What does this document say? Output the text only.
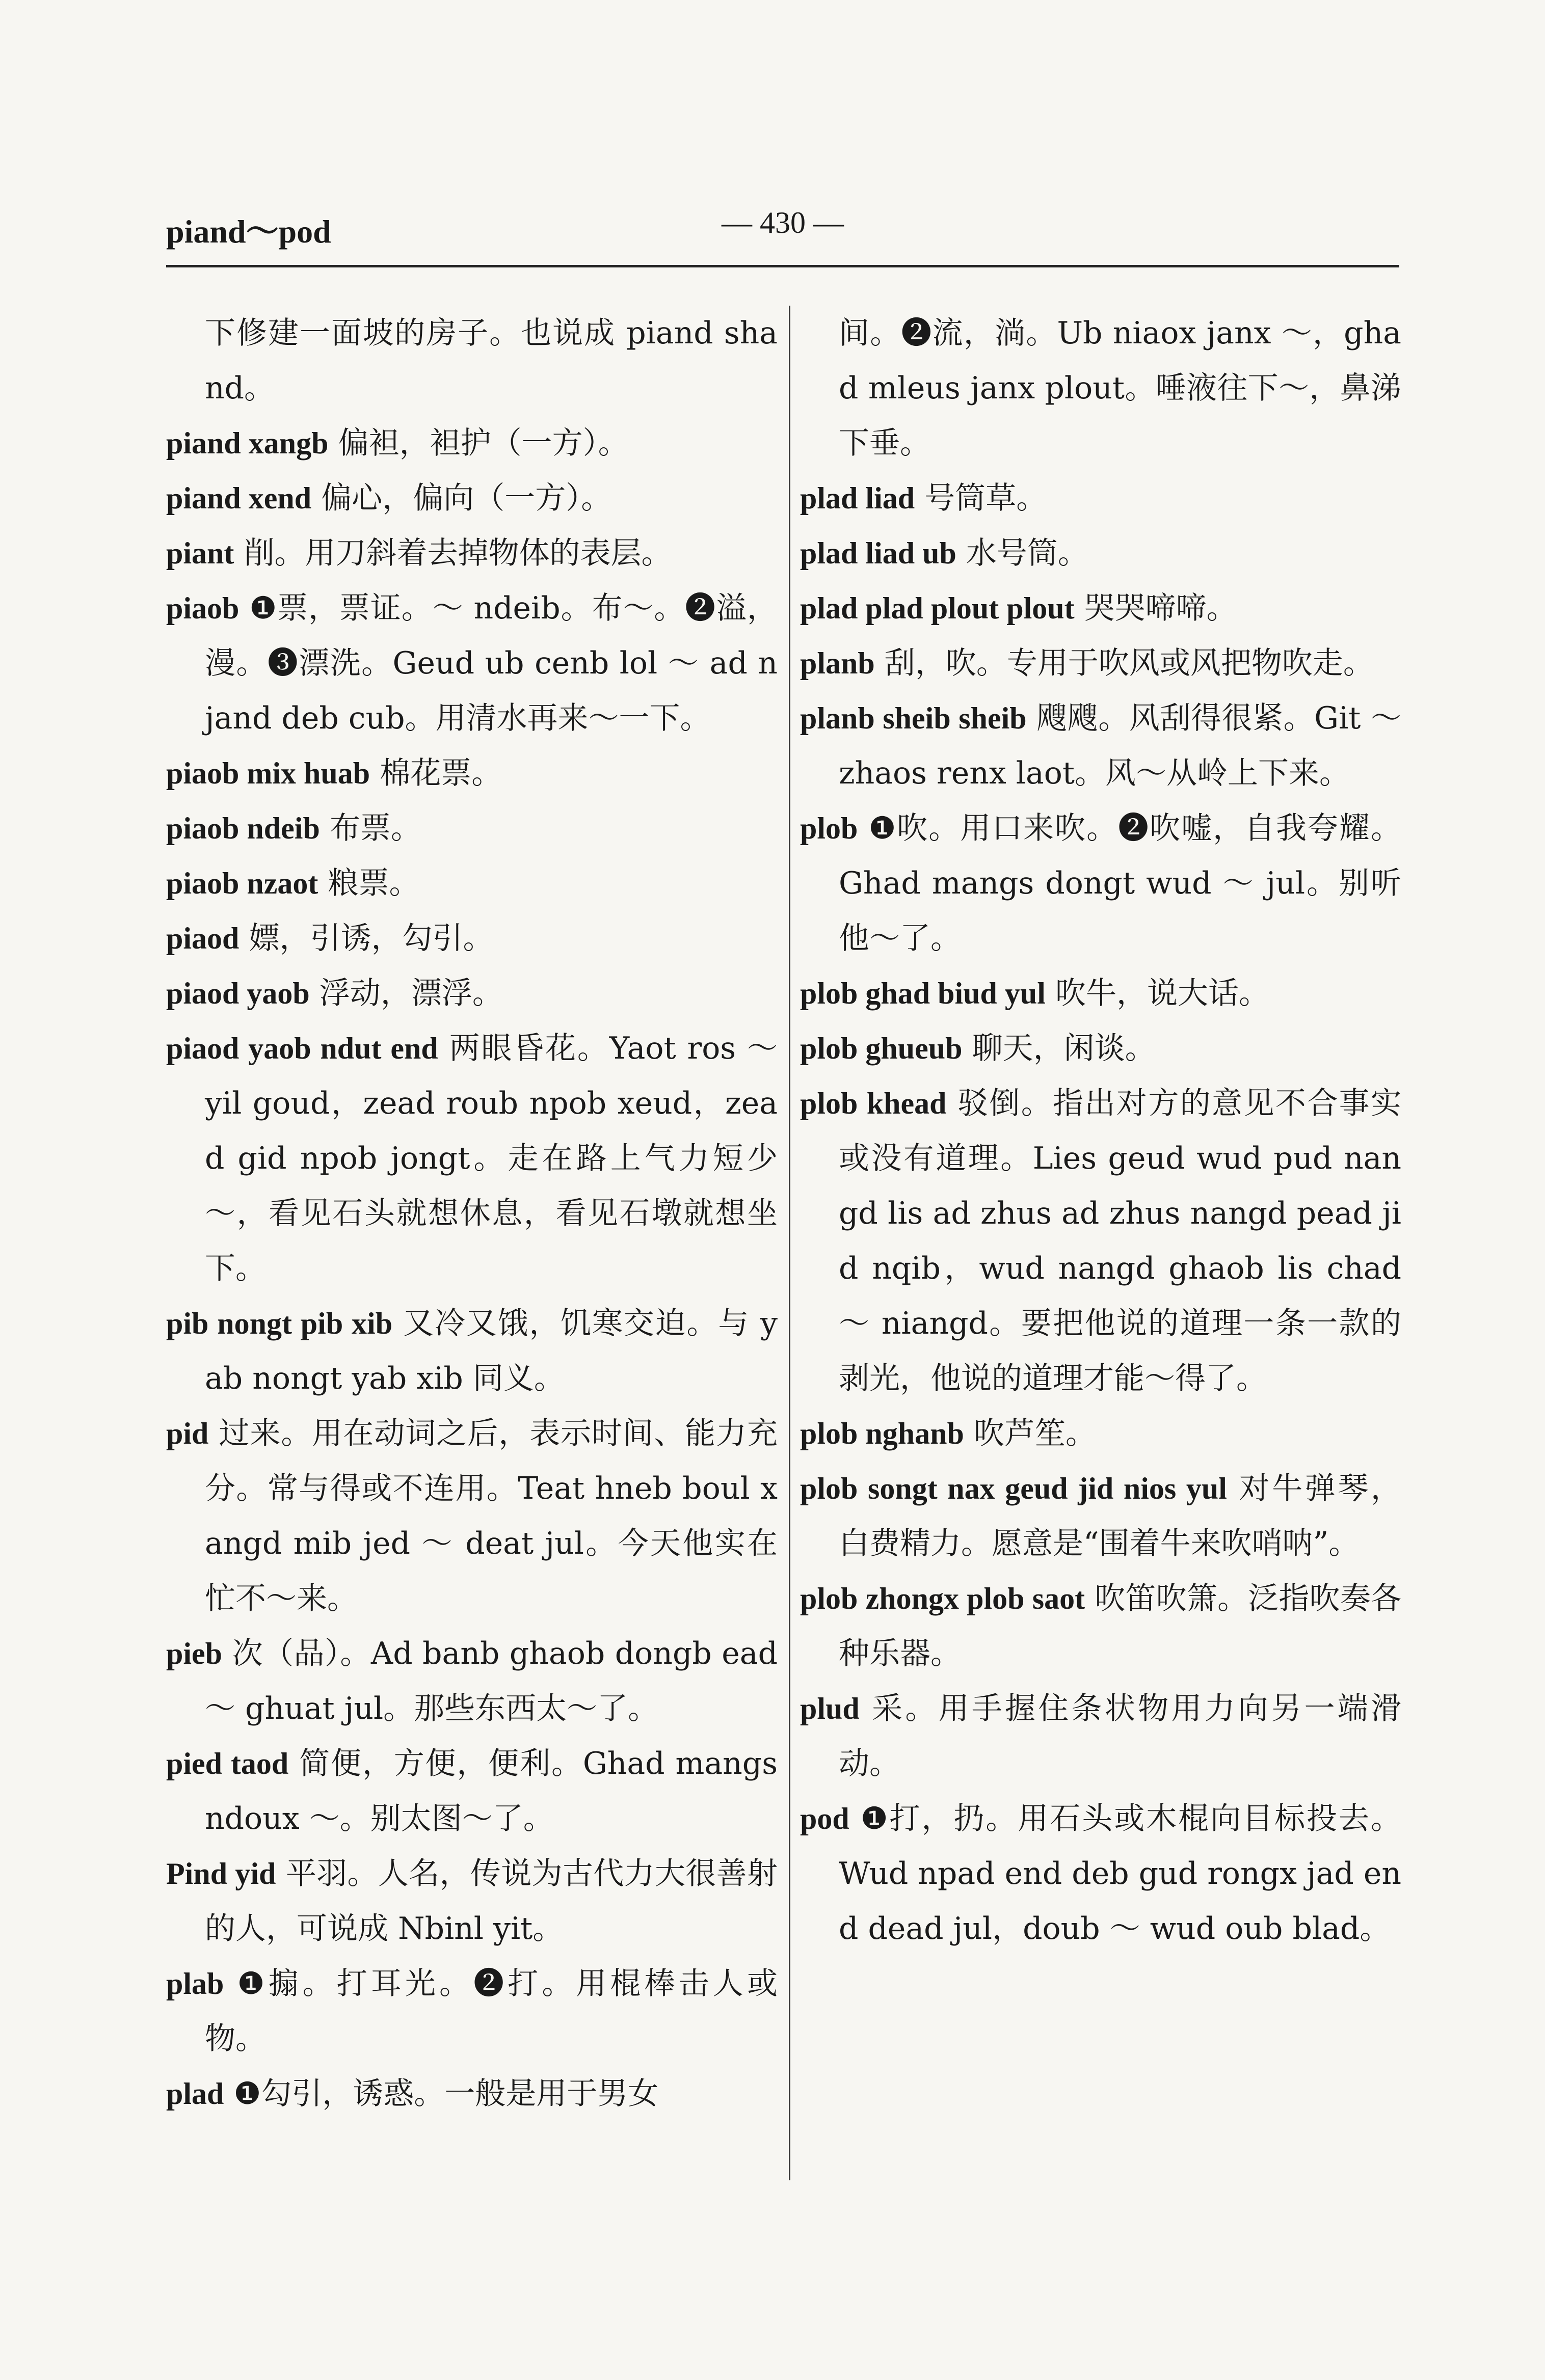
piand～pod	— 430 —

下修建一面坡的房子。也说成 piand shand。

piand xangb 偏袒，袒护（一方）。

piand xend 偏心，偏向（一方）。

piant 削。用刀斜着去掉物体的表层。

piaob ❶票，票证。～ ndeib。布～。❷溢，漫。❸漂洗。Geud ub cenb lol ～ ad njand deb cub。用清水再来～一下。

piaob mix huab 棉花票。

piaob ndeib 布票。

piaob nzaot 粮票。

piaod 嫖，引诱，勾引。

piaod yaob 浮动，漂浮。

piaod yaob ndut end 两眼昏花。Yaot ros ～ yil goud，zead roub npob xeud，zead gid npob jongt。走在路上气力短少～，看见石头就想休息，看见石墩就想坐下。

pib nongt pib xib 又冷又饿，饥寒交迫。与 yab nongt yab xib 同义。

pid 过来。用在动词之后，表示时间、能力充分。常与得或不连用。Teat hneb boul xangd mib jed ～ deat jul。今天他实在忙不～来。

pieb 次（品）。Ad banb ghaob dongb ead ～ ghuat jul。那些东西太～了。

pied taod 简便，方便，便利。Ghad mangs ndoux ～。别太图～了。

Pind yid 平羽。人名，传说为古代力大很善射的人，可说成 Nbinl yit。

plab ❶搧。打耳光。❷打。用棍棒击人或物。

plad ❶勾引，诱惑。一般是用于男女

间。❷流，淌。Ub niaox janx ～，ghad mleus janx plout。唾液往下～，鼻涕下垂。

plad liad 号筒草。

plad liad ub 水号筒。

plad plad plout plout 哭哭啼啼。

planb 刮，吹。专用于吹风或风把物吹走。

planb sheib sheib 飕飕。风刮得很紧。Git ～ zhaos renx laot。风～从岭上下来。

plob ❶吹。用口来吹。❷吹嘘，自我夸耀。Ghad mangs dongt wud ～ jul。别听他～了。

plob ghad biud yul 吹牛，说大话。

plob ghueub 聊天，闲谈。

plob khead 驳倒。指出对方的意见不合事实或没有道理。Lies geud wud pud nangd lis ad zhus ad zhus nangd pead jid nqib，wud nangd ghaob lis chad ～ niangd。要把他说的道理一条一款的剥光，他说的道理才能～得了。

plob nghanb 吹芦笙。

plob songt nax geud jid nios yul 对牛弹琴，白费精力。愿意是“围着牛来吹哨呐”。

plob zhongx plob saot 吹笛吹箫。泛指吹奏各种乐器。

plud 采。用手握住条状物用力向另一端滑动。

pod ❶打，扔。用石头或木棍向目标投去。Wud npad end deb gud rongx jad end dead jul，doub ～ wud oub blad。
